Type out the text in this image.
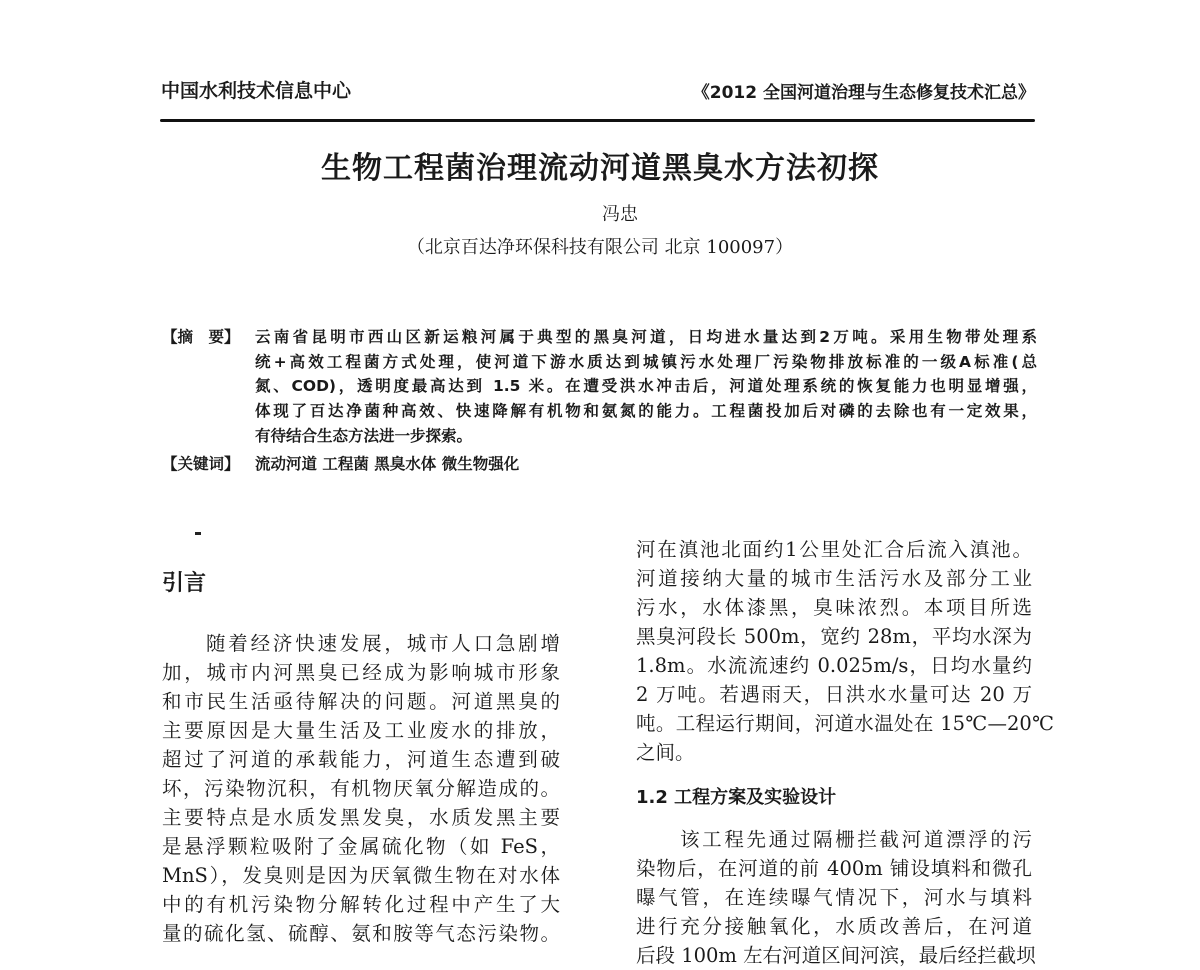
中国水利技术信息中心	《2012 全国河道治理与生态修复技术汇总》
生物工程菌治理流动河道黑臭水方法初探
冯忠
（北京百达净环保科技有限公司 北京 100097）
【摘　要】 云南省昆明市西山区新运粮河属于典型的黑臭河道，日均进水量达到2万吨。采用生物带处理系
统+高效工程菌方式处理，使河道下游水质达到城镇污水处理厂污染物排放标准的一级A标准(总
氮、COD)，透明度最高达到 1.5 米。在遭受洪水冲击后，河道处理系统的恢复能力也明显增强，
体现了百达净菌种高效、快速降解有机物和氨氮的能力。工程菌投加后对磷的去除也有一定效果，
有待结合生态方法进一步探索。
【关键词】 流动河道 工程菌 黑臭水体 微生物强化
引言
随着经济快速发展，城市人口急剧增
加，城市内河黑臭已经成为影响城市形象
和市民生活亟待解决的问题。河道黑臭的
主要原因是大量生活及工业废水的排放，
超过了河道的承载能力，河道生态遭到破
坏，污染物沉积，有机物厌氧分解造成的。
主要特点是水质发黑发臭，水质发黑主要
是悬浮颗粒吸附了金属硫化物（如 FeS，
MnS），发臭则是因为厌氧微生物在对水体
中的有机污染物分解转化过程中产生了大
量的硫化氢、硫醇、氨和胺等气态污染物。
河在滇池北面约1公里处汇合后流入滇池。
河道接纳大量的城市生活污水及部分工业
污水，水体漆黑，臭味浓烈。本项目所选
黑臭河段长 500m，宽约 28m，平均水深为
1.8m。水流流速约 0.025m/s，日均水量约
2 万吨。若遇雨天，日洪水水量可达 20 万
吨。工程运行期间，河道水温处在 15℃—20℃
之间。
1.2 工程方案及实验设计
该工程先通过隔栅拦截河道漂浮的污
染物后，在河道的前 400m 铺设填料和微孔
曝气管，在连续曝气情况下，河水与填料
进行充分接触氧化，水质改善后，在河道
后段 100m 左右河道区间河滨，最后经拦截坝
